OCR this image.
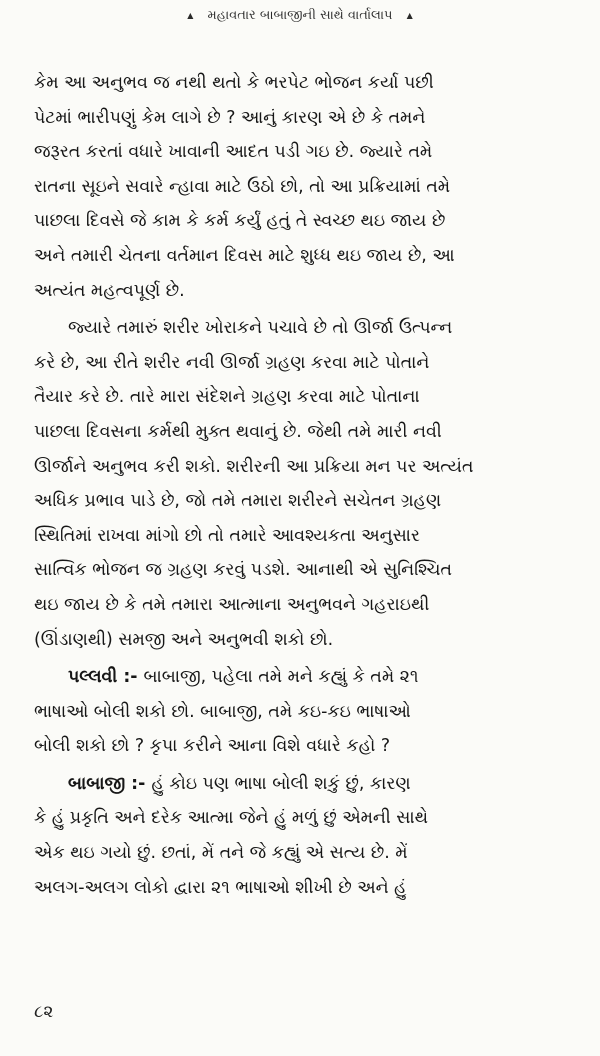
▲ મહાવતાર બાબાજીની સાથે વાર્તાલાપ ▲
કેમ આ અનુભવ જ નથી થતો કે ભરપેટ ભોજન કર્યા પછી
પેટમાં ભારીપણું કેમ લાગે છે ? આનું કારણ એ છે કે તમને
જરૂરત કરતાં વધારે ખાવાની આદત પડી ગઇ છે. જ્યારે તમે
રાતના સૂઇને સવારે ન્હાવા માટે ઉઠો છો, તો આ પ્રક્રિયામાં તમે
પાછલા દિવસે જે કામ કે કર્મ કર્યું હતું તે સ્વચ્છ થઇ જાય છે
અને તમારી ચેતના વર્તમાન દિવસ માટે શુધ્ધ થઇ જાય છે, આ
અત્યંત મહત્વપૂર્ણ છે.
જ્યારે તમારું શરીર ખોરાકને પચાવે છે તો ઊર્જા ઉત્પન્ન
કરે છે, આ રીતે શરીર નવી ઊર્જા ગ્રહણ કરવા માટે પોતાને
તૈયાર કરે છે. તારે મારા સંદેશને ગ્રહણ કરવા માટે પોતાના
પાછલા દિવસના કર્મથી મુક્ત થવાનું છે. જેથી તમે મારી નવી
ઊર્જાને અનુભવ કરી શકો. શરીરની આ પ્રક્રિયા મન પર અત્યંત
અધિક પ્રભાવ પાડે છે, જો તમે તમારા શરીરને સચેતન ગ્રહણ
સ્થિતિમાં રાખવા માંગો છો તો તમારે આવશ્યકતા અનુસાર
સાત્વિક ભોજન જ ગ્રહણ કરવું પડશે. આનાથી એ સુનિશ્ચિત
થઇ જાય છે કે તમે તમારા આત્માના અનુભવને ગહરાઇથી
(ઊંડાણથી) સમજી અને અનુભવી શકો છો.
પલ્લવી :- બાબાજી, પહેલા તમે મને કહ્યું કે તમે ૨૧
ભાષાઓ બોલી શકો છો. બાબાજી, તમે કઇ-કઇ ભાષાઓ
બોલી શકો છો ? કૃપા કરીને આના વિશે વધારે કહો ?
બાબાજી :- હું કોઇ પણ ભાષા બોલી શકું છું, કારણ
કે હું પ્રકૃતિ અને દરેક આત્મા જેને હું મળું છું એમની સાથે
એક થઇ ગયો છું. છતાં, મેં તને જે કહ્યું એ સત્ય છે. મેં
અલગ-અલગ લોકો દ્વારા ૨૧ ભાષાઓ શીખી છે અને હું
૮૨
